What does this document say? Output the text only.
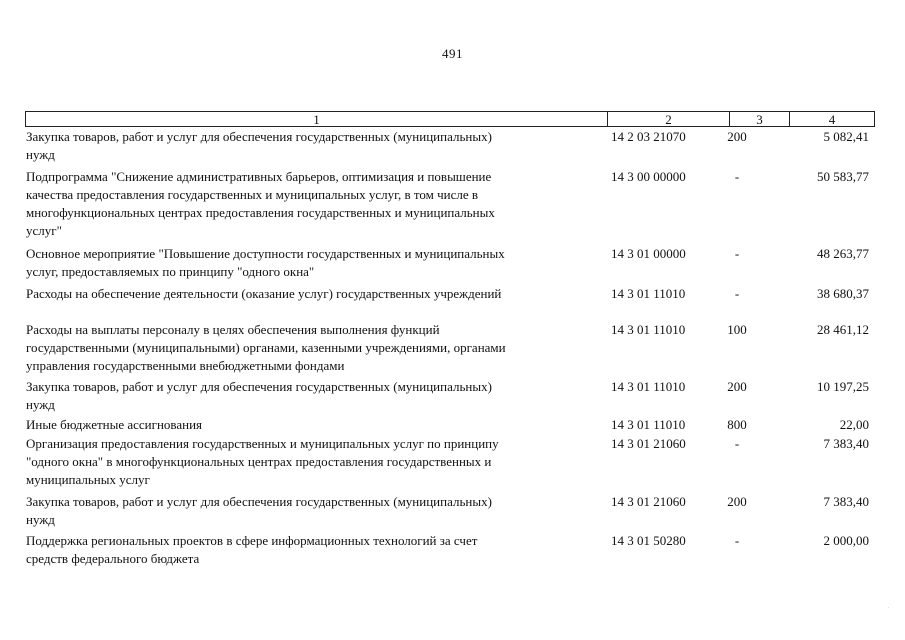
491
1	2	3	4
Закупка товаров, работ и услуг для обеспечения государственных (муниципальных)
нужд
14 2 03 21070	200	5 082,41
Подпрограмма "Снижение административных барьеров, оптимизация и повышение
качества предоставления государственных и муниципальных услуг, в том числе в
многофункциональных центрах предоставления государственных и муниципальных
услуг"
14 3 00 00000	-	50 583,77
Основное мероприятие "Повышение доступности государственных и муниципальных
услуг, предоставляемых по принципу "одного окна"
14 3 01 00000	-	48 263,77
Расходы на обеспечение деятельности (оказание услуг) государственных учреждений	14 3 01 11010	-	38 680,37
Расходы на выплаты персоналу в целях обеспечения выполнения функций
государственными (муниципальными) органами, казенными учреждениями, органами
управления государственными внебюджетными фондами
14 3 01 11010	100	28 461,12
Закупка товаров, работ и услуг для обеспечения государственных (муниципальных)
нужд
14 3 01 11010	200	10 197,25
Иные бюджетные ассигнования	14 3 01 11010	800	22,00
Организация предоставления государственных и муниципальных услуг по принципу
"одного окна" в многофункциональных центрах предоставления государственных и
муниципальных услуг
14 3 01 21060	-	7 383,40
Закупка товаров, работ и услуг для обеспечения государственных (муниципальных)
нужд
14 3 01 21060	200	7 383,40
Поддержка региональных проектов в сфере информационных технологий за счет
средств федерального бюджета
14 3 01 50280	-	2 000,00
.
